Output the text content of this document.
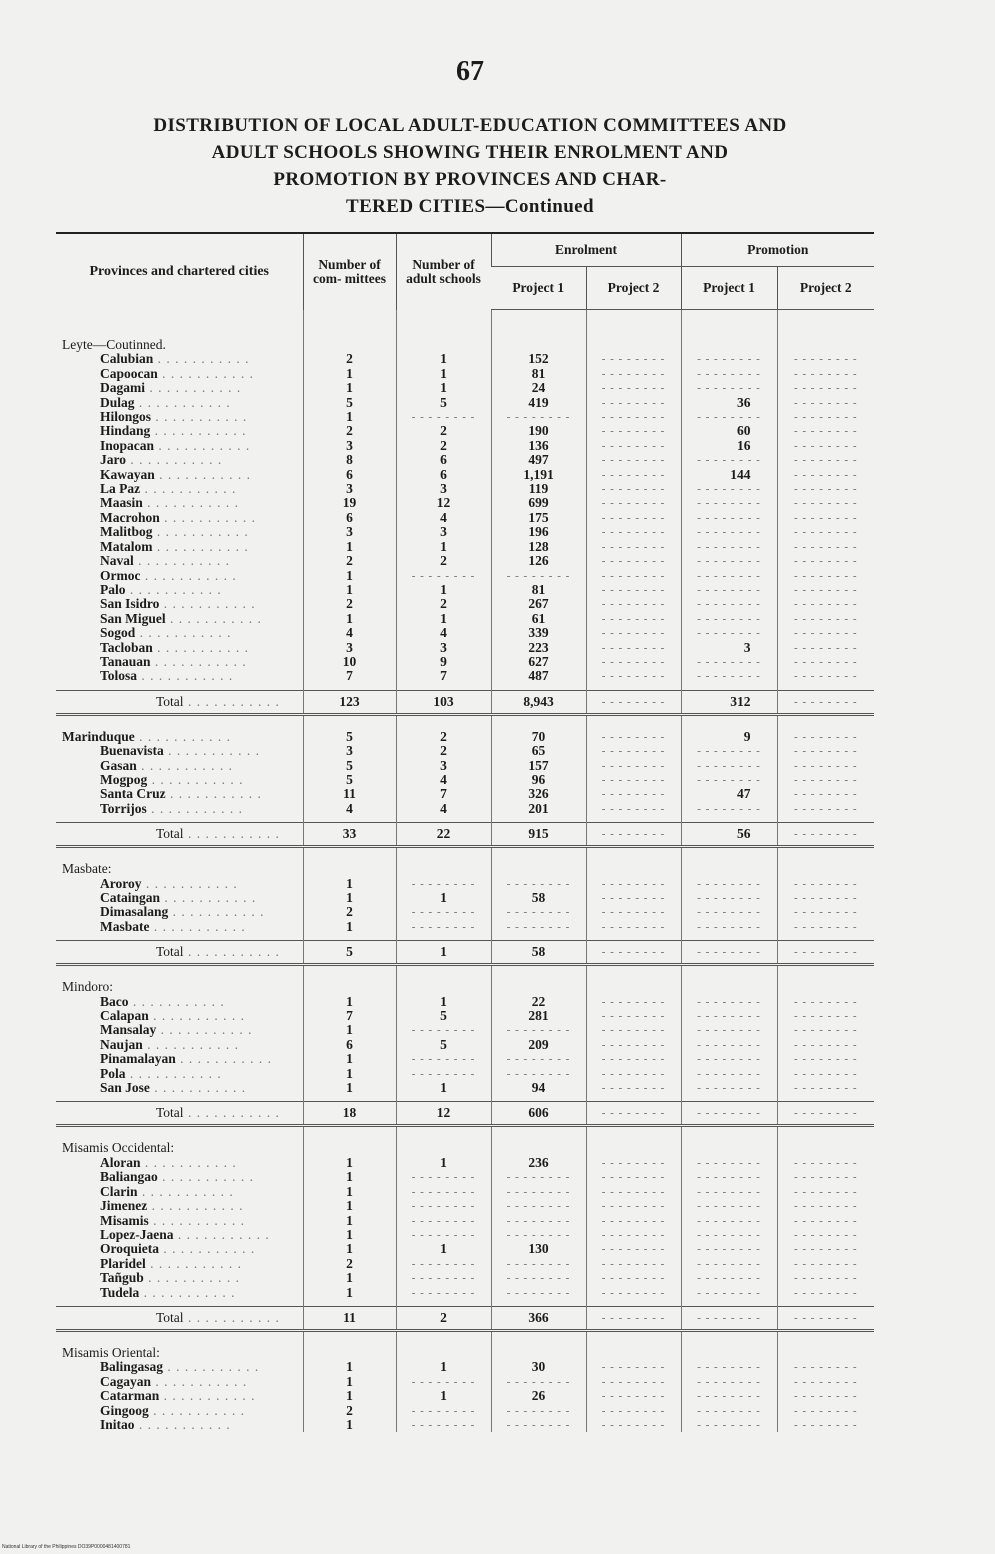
67
DISTRIBUTION OF LOCAL ADULT-EDUCATION COMMITTEES AND
ADULT SCHOOLS SHOWING THEIR ENROLMENT AND
PROMOTION BY PROVINCES AND CHAR-
TERED CITIES—Continued
Provinces and chartered cities	Number of com- mittees	Number of adult schools	Enrolment		Promotion	
			Project 1	Project 2	Project 1	Project 2

Leyte—Coutinned.						
Calubian . . . . . . . . . . .	2	1	152	- - - - - - - -	- - - - - - - -	- - - - - - - -
Capoocan . . . . . . . . . . .	1	1	81	- - - - - - - -	- - - - - - - -	- - - - - - - -
Dagami . . . . . . . . . . .	1	1	24	- - - - - - - -	- - - - - - - -	- - - - - - - -
Dulag . . . . . . . . . . .	5	5	419	- - - - - - - -	36	- - - - - - - -
Hilongos . . . . . . . . . . .	1	- - - - - - - -	- - - - - - - -	- - - - - - - -	- - - - - - - -	- - - - - - - -
Hindang . . . . . . . . . . .	2	2	190	- - - - - - - -	60	- - - - - - - -
Inopacan . . . . . . . . . . .	3	2	136	- - - - - - - -	16	- - - - - - - -
Jaro . . . . . . . . . . .	8	6	497	- - - - - - - -	- - - - - - - -	- - - - - - - -
Kawayan . . . . . . . . . . .	6	6	1,191	- - - - - - - -	144	- - - - - - - -
La Paz . . . . . . . . . . .	3	3	119	- - - - - - - -	- - - - - - - -	- - - - - - - -
Maasin . . . . . . . . . . .	19	12	699	- - - - - - - -	- - - - - - - -	- - - - - - - -
Macrohon . . . . . . . . . . .	6	4	175	- - - - - - - -	- - - - - - - -	- - - - - - - -
Malitbog . . . . . . . . . . .	3	3	196	- - - - - - - -	- - - - - - - -	- - - - - - - -
Matalom . . . . . . . . . . .	1	1	128	- - - - - - - -	- - - - - - - -	- - - - - - - -
Naval . . . . . . . . . . .	2	2	126	- - - - - - - -	- - - - - - - -	- - - - - - - -
Ormoc . . . . . . . . . . .	1	- - - - - - - -	- - - - - - - -	- - - - - - - -	- - - - - - - -	- - - - - - - -
Palo . . . . . . . . . . .	1	1	81	- - - - - - - -	- - - - - - - -	- - - - - - - -
San Isidro . . . . . . . . . . .	2	2	267	- - - - - - - -	- - - - - - - -	- - - - - - - -
San Miguel . . . . . . . . . . .	1	1	61	- - - - - - - -	- - - - - - - -	- - - - - - - -
Sogod . . . . . . . . . . .	4	4	339	- - - - - - - -	- - - - - - - -	- - - - - - - -
Tacloban . . . . . . . . . . .	3	3	223	- - - - - - - -	3	- - - - - - - -
Tanauan . . . . . . . . . . .	10	9	627	- - - - - - - -	- - - - - - - -	- - - - - - - -
Tolosa . . . . . . . . . . .	7	7	487	- - - - - - - -	- - - - - - - -	- - - - - - - -

Total . . . . . . . . . . .	123	103	8,943	- - - - - - - -	312	- - - - - - - -

Marinduque . . . . . . . . . . .	5	2	70	- - - - - - - -	9	- - - - - - - -
Buenavista . . . . . . . . . . .	3	2	65	- - - - - - - -	- - - - - - - -	- - - - - - - -
Gasan . . . . . . . . . . .	5	3	157	- - - - - - - -	- - - - - - - -	- - - - - - - -
Mogpog . . . . . . . . . . .	5	4	96	- - - - - - - -	- - - - - - - -	- - - - - - - -
Santa Cruz . . . . . . . . . . .	11	7	326	- - - - - - - -	47	- - - - - - - -
Torrijos . . . . . . . . . . .	4	4	201	- - - - - - - -	- - - - - - - -	- - - - - - - -

Total . . . . . . . . . . .	33	22	915	- - - - - - - -	56	- - - - - - - -

Masbate:						
Aroroy . . . . . . . . . . .	1	- - - - - - - -	- - - - - - - -	- - - - - - - -	- - - - - - - -	- - - - - - - -
Cataingan . . . . . . . . . . .	1	1	58	- - - - - - - -	- - - - - - - -	- - - - - - - -
Dimasalang . . . . . . . . . . .	2	- - - - - - - -	- - - - - - - -	- - - - - - - -	- - - - - - - -	- - - - - - - -
Masbate . . . . . . . . . . .	1	- - - - - - - -	- - - - - - - -	- - - - - - - -	- - - - - - - -	- - - - - - - -

Total . . . . . . . . . . .	5	1	58	- - - - - - - -	- - - - - - - -	- - - - - - - -

Mindoro:						
Baco . . . . . . . . . . .	1	1	22	- - - - - - - -	- - - - - - - -	- - - - - - - -
Calapan . . . . . . . . . . .	7	5	281	- - - - - - - -	- - - - - - - -	- - - - - - - -
Mansalay . . . . . . . . . . .	1	- - - - - - - -	- - - - - - - -	- - - - - - - -	- - - - - - - -	- - - - - - - -
Naujan . . . . . . . . . . .	6	5	209	- - - - - - - -	- - - - - - - -	- - - - - - - -
Pinamalayan . . . . . . . . . . .	1	- - - - - - - -	- - - - - - - -	- - - - - - - -	- - - - - - - -	- - - - - - - -
Pola . . . . . . . . . . .	1	- - - - - - - -	- - - - - - - -	- - - - - - - -	- - - - - - - -	- - - - - - - -
San Jose . . . . . . . . . . .	1	1	94	- - - - - - - -	- - - - - - - -	- - - - - - - -

Total . . . . . . . . . . .	18	12	606	- - - - - - - -	- - - - - - - -	- - - - - - - -

Misamis Occidental:						
Aloran . . . . . . . . . . .	1	1	236	- - - - - - - -	- - - - - - - -	- - - - - - - -
Baliangao . . . . . . . . . . .	1	- - - - - - - -	- - - - - - - -	- - - - - - - -	- - - - - - - -	- - - - - - - -
Clarin . . . . . . . . . . .	1	- - - - - - - -	- - - - - - - -	- - - - - - - -	- - - - - - - -	- - - - - - - -
Jimenez . . . . . . . . . . .	1	- - - - - - - -	- - - - - - - -	- - - - - - - -	- - - - - - - -	- - - - - - - -
Misamis . . . . . . . . . . .	1	- - - - - - - -	- - - - - - - -	- - - - - - - -	- - - - - - - -	- - - - - - - -
Lopez-Jaena . . . . . . . . . . .	1	- - - - - - - -	- - - - - - - -	- - - - - - - -	- - - - - - - -	- - - - - - - -
Oroquieta . . . . . . . . . . .	1	1	130	- - - - - - - -	- - - - - - - -	- - - - - - - -
Plaridel . . . . . . . . . . .	2	- - - - - - - -	- - - - - - - -	- - - - - - - -	- - - - - - - -	- - - - - - - -
Tañgub . . . . . . . . . . .	1	- - - - - - - -	- - - - - - - -	- - - - - - - -	- - - - - - - -	- - - - - - - -
Tudela . . . . . . . . . . .	1	- - - - - - - -	- - - - - - - -	- - - - - - - -	- - - - - - - -	- - - - - - - -

Total . . . . . . . . . . .	11	2	366	- - - - - - - -	- - - - - - - -	- - - - - - - -

Misamis Oriental:						
Balingasag . . . . . . . . . . .	1	1	30	- - - - - - - -	- - - - - - - -	- - - - - - - -
Cagayan . . . . . . . . . . .	1	- - - - - - - -	- - - - - - - -	- - - - - - - -	- - - - - - - -	- - - - - - - -
Catarman . . . . . . . . . . .	1	1	26	- - - - - - - -	- - - - - - - -	- - - - - - - -
Gingoog . . . . . . . . . . .	2	- - - - - - - -	- - - - - - - -	- - - - - - - -	- - - - - - - -	- - - - - - - -
Initao . . . . . . . . . . .	1	- - - - - - - -	- - - - - - - -	- - - - - - - -	- - - - - - - -	- - - - - - - -
National Library of the Philippines DO39P0000481400781
